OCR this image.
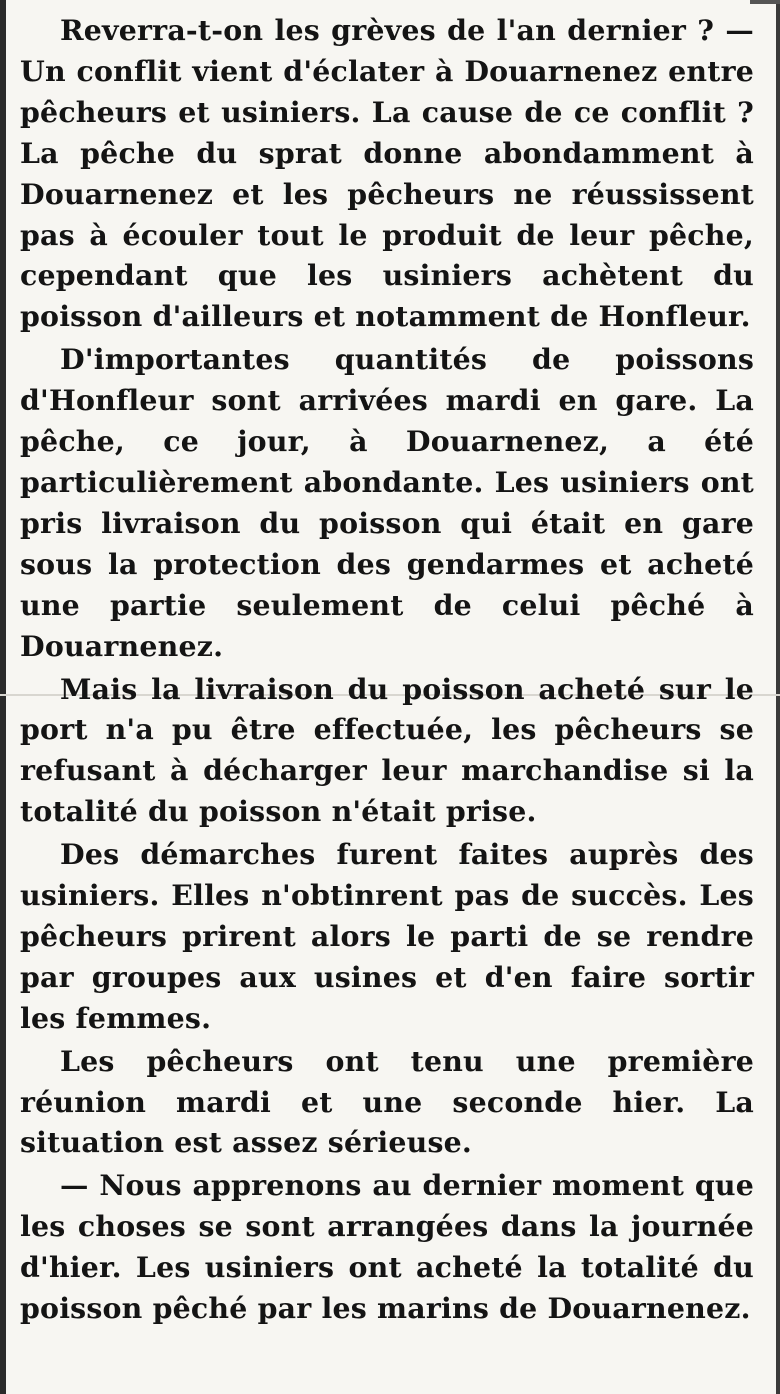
Reverra-t-on les grèves de l'an dernier ? — Un conflit vient d'éclater à Douarnenez entre pêcheurs et usiniers. La cause de ce conflit ? La pêche du sprat donne abondamment à Douarnenez et les pêcheurs ne réussissent pas à écouler tout le produit de leur pêche, cependant que les usiniers achètent du poisson d'ailleurs et notamment de Honfleur.

D'importantes quantités de poissons d'Honfleur sont arrivées mardi en gare. La pêche, ce jour, à Douarnenez, a été particulièrement abondante. Les usiniers ont pris livraison du poisson qui était en gare sous la protection des gendarmes et acheté une partie seulement de celui pêché à Douarnenez.

Mais la livraison du poisson acheté sur le port n'a pu être effectuée, les pêcheurs se refusant à décharger leur marchandise si la totalité du poisson n'était prise.

Des démarches furent faites auprès des usiniers. Elles n'obtinrent pas de succès. Les pêcheurs prirent alors le parti de se rendre par groupes aux usines et d'en faire sortir les femmes.

Les pêcheurs ont tenu une première réunion mardi et une seconde hier. La situation est assez sérieuse.

— Nous apprenons au dernier moment que les choses se sont arrangées dans la journée d'hier. Les usiniers ont acheté la totalité du poisson pêché par les marins de Douarnenez.
